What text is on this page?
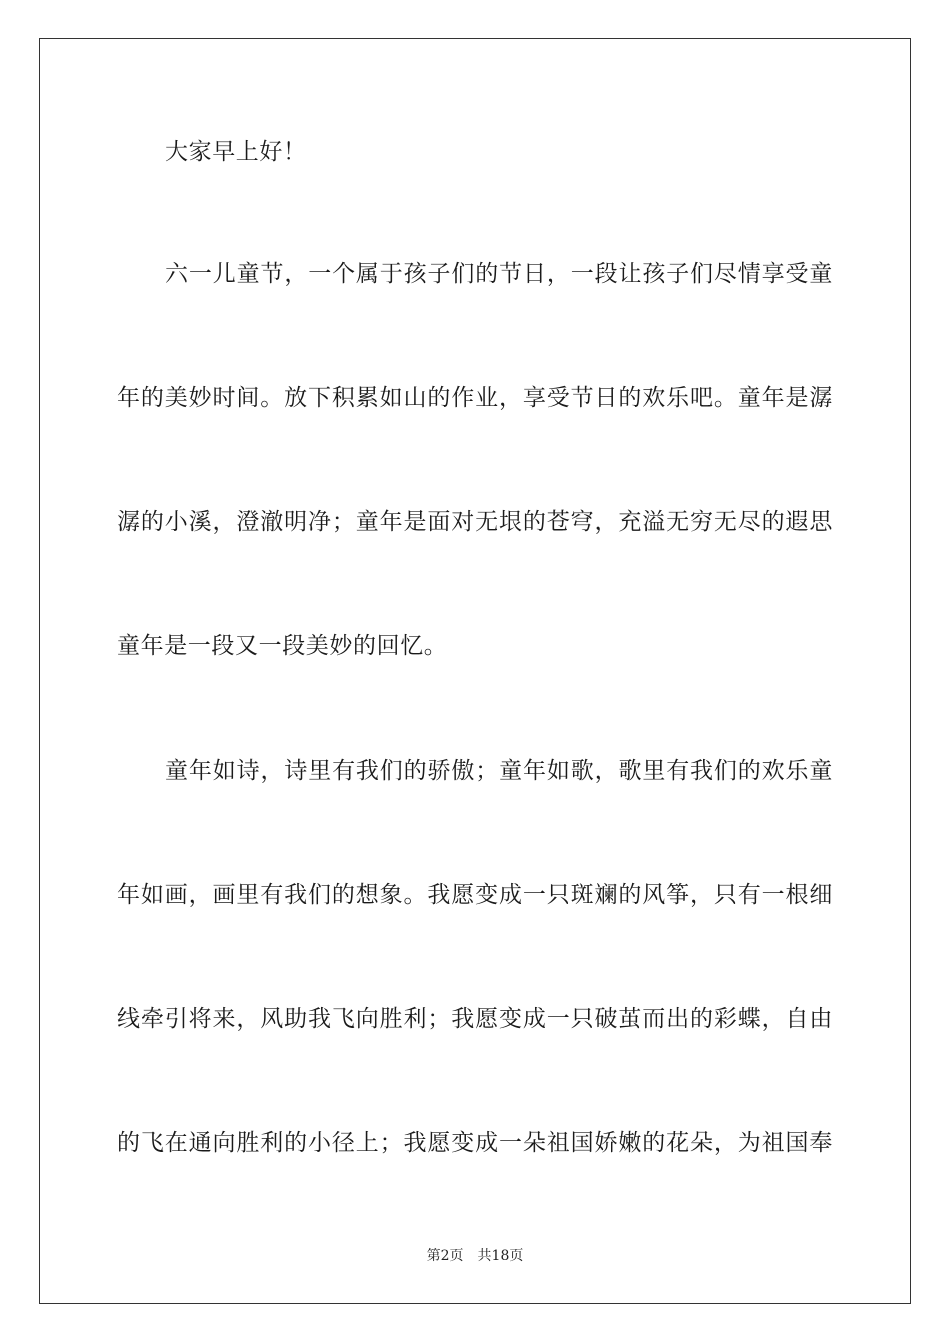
大家早上好！
六一儿童节，一个属于孩子们的节日，一段让孩子们尽情享受童
年的美妙时间。放下积累如山的作业，享受节日的欢乐吧。童年是潺
潺的小溪，澄澈明净；童年是面对无垠的苍穹，充溢无穷无尽的遐思
童年是一段又一段美妙的回忆。
童年如诗，诗里有我们的骄傲；童年如歌，歌里有我们的欢乐童
年如画，画里有我们的想象。我愿变成一只斑斓的风筝，只有一根细
线牵引将来，风助我飞向胜利；我愿变成一只破茧而出的彩蝶，自由
的飞在通向胜利的小径上；我愿变成一朵祖国娇嫩的花朵，为祖国奉
第2页 共18页
